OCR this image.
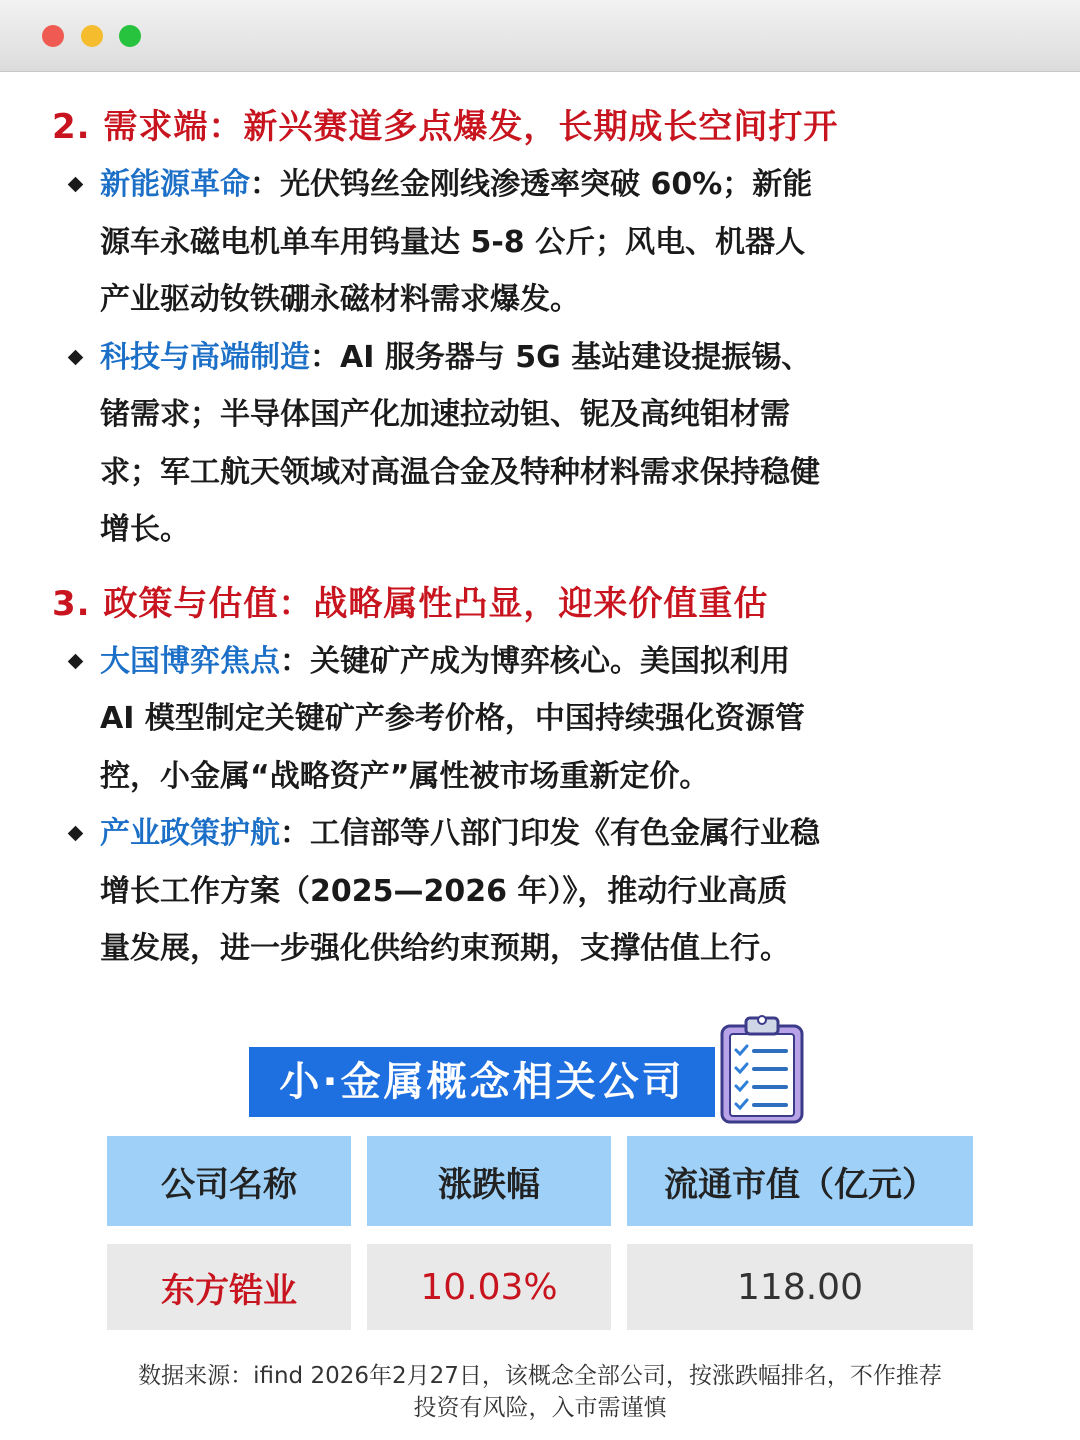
2. 需求端：新兴赛道多点爆发，长期成长空间打开
新能源革命：光伏钨丝金刚线渗透率突破 60%；新能
源车永磁电机单车用钨量达 5-8 公斤；风电、机器人
产业驱动钕铁硼永磁材料需求爆发。
科技与高端制造：AI 服务器与 5G 基站建设提振锡、
锗需求；半导体国产化加速拉动钽、铌及高纯钼材需
求；军工航天领域对高温合金及特种材料需求保持稳健
增长。
3. 政策与估值：战略属性凸显，迎来价值重估
大国博弈焦点：关键矿产成为博弈核心。美国拟利用
AI 模型制定关键矿产参考价格，中国持续强化资源管
控，小金属“战略资产”属性被市场重新定价。
产业政策护航：工信部等八部门印发《有色金属行业稳
增长工作方案（2025—2026 年）》，推动行业高质
量发展，进一步强化供给约束预期，支撑估值上行。
小·金属概念相关公司
公司名称	涨跌幅	流通市值（亿元）
东方锆业	10.03%	118.00
数据来源：ifind 2026年2月27日，该概念全部公司，按涨跌幅排名，不作推荐
投资有风险，入市需谨慎
